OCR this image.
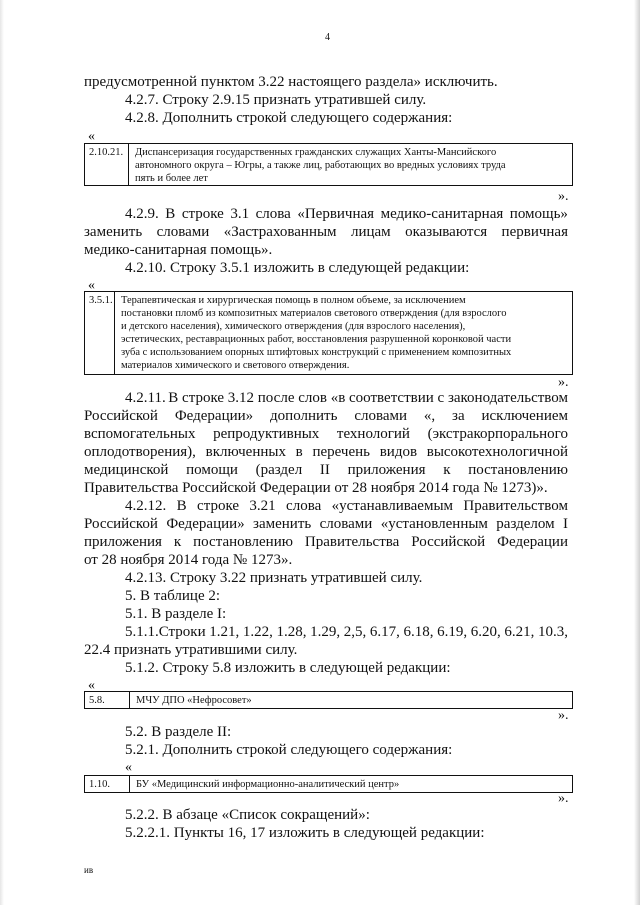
4
предусмотренной пунктом 3.22 настоящего раздела» исключить.
4.2.7. Строку 2.9.15 признать утратившей силу.
4.2.8. Дополнить строкой следующего содержания:
«
2.10.21.	Диспансеризация государственных гражданских служащих Ханты-Мансийского
автономного округа – Югры, а также лиц, работающих во вредных условиях труда
пять и более лет
».
4.2.9. В строке 3.1 слова «Первичная медико-санитарная помощь»
заменить словами «Застрахованным лицам оказываются первичная
медико-санитарная помощь».
4.2.10. Строку 3.5.1 изложить в следующей редакции:
«
3.5.1. Терапевтическая и хирургическая помощь в полном объеме, за исключением
постановки пломб из композитных материалов светового отверждения (для взрослого
и детского населения), химического отверждения (для взрослого населения),
эстетических, реставрационных работ, восстановления разрушенной коронковой части
зуба с использованием опорных штифтовых конструкций с применением композитных
материалов химического и светового отверждения.
».
4.2.11. В строке 3.12 после слов «в соответствии с законодательством
Российской Федерации» дополнить словами «, за исключением
вспомогательных репродуктивных технологий (экстракорпорального
оплодотворения), включенных в перечень видов высокотехнологичной
медицинской помощи (раздел II приложения к постановлению
Правительства Российской Федерации от 28 ноября 2014 года № 1273)».
4.2.12. В строке 3.21 слова «устанавливаемым Правительством
Российской Федерации» заменить словами «установленным разделом I
приложения к постановлению Правительства Российской Федерации
от 28 ноября 2014 года № 1273».
4.2.13. Строку 3.22 признать утратившей силу.
5. В таблице 2:
5.1. В разделе I:
5.1.1.Строки 1.21, 1.22, 1.28, 1.29, 2,5, 6.17, 6.18, 6.19, 6.20, 6.21, 10.3,
22.4 признать утратившими силу.
5.1.2. Строку 5.8 изложить в следующей редакции:
«
5.8.	МЧУ ДПО «Нефросовет»
».
5.2. В разделе II:
5.2.1. Дополнить строкой следующего содержания:
«
1.10.	БУ «Медицинский информационно-аналитический центр»
».
5.2.2. В абзаце «Список сокращений»:
5.2.2.1. Пункты 16, 17 изложить в следующей редакции:
ив
